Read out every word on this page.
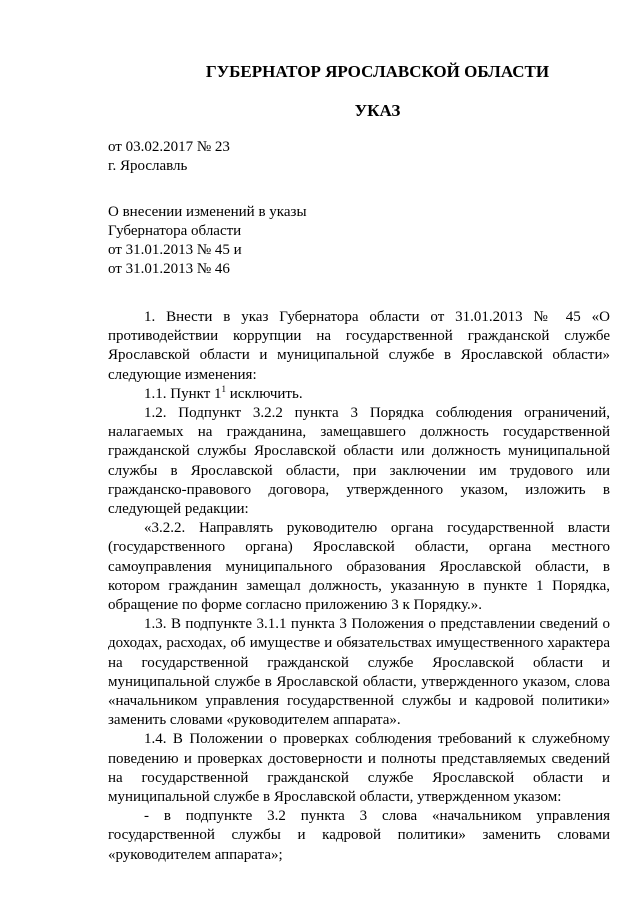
ГУБЕРНАТОР ЯРОСЛАВСКОЙ ОБЛАСТИ
УКАЗ
от 03.02.2017 № 23
г. Ярославль
О внесении изменений в указы
Губернатора области
от 31.01.2013 № 45 и
от 31.01.2013 № 46

1. Внести в указ Губернатора области от 31.01.2013 № 45 «О противодействии коррупции на государственной гражданской службе Ярославской области и муниципальной службе в Ярославской области» следующие изменения:

1.1. Пункт $1^1$ исключить.

1.2. Подпункт 3.2.2 пункта 3 Порядка соблюдения ограничений, налагаемых на гражданина, замещавшего должность государственной гражданской службы Ярославской области или должность муниципальной службы в Ярославской области, при заключении им трудового или гражданско-правового договора, утвержденного указом, изложить в следующей редакции:

«3.2.2. Направлять руководителю органа государственной власти (государственного органа) Ярославской области, органа местного самоуправления муниципального образования Ярославской области, в котором гражданин замещал должность, указанную в пункте 1 Порядка, обращение по форме согласно приложению 3 к Порядку.».

1.3. В подпункте 3.1.1 пункта 3 Положения о представлении сведений о доходах, расходах, об имуществе и обязательствах имущественного характера на государственной гражданской службе Ярославской области и муниципальной службе в Ярославской области, утвержденного указом, слова «начальником управления государственной службы и кадровой политики» заменить словами «руководителем аппарата».

1.4. В Положении о проверках соблюдения требований к служебному поведению и проверках достоверности и полноты представляемых сведений на государственной гражданской службе Ярославской области и муниципальной службе в Ярославской области, утвержденном указом:

- в подпункте 3.2 пункта 3 слова «начальником управления государственной службы и кадровой политики» заменить словами «руководителем аппарата»;
